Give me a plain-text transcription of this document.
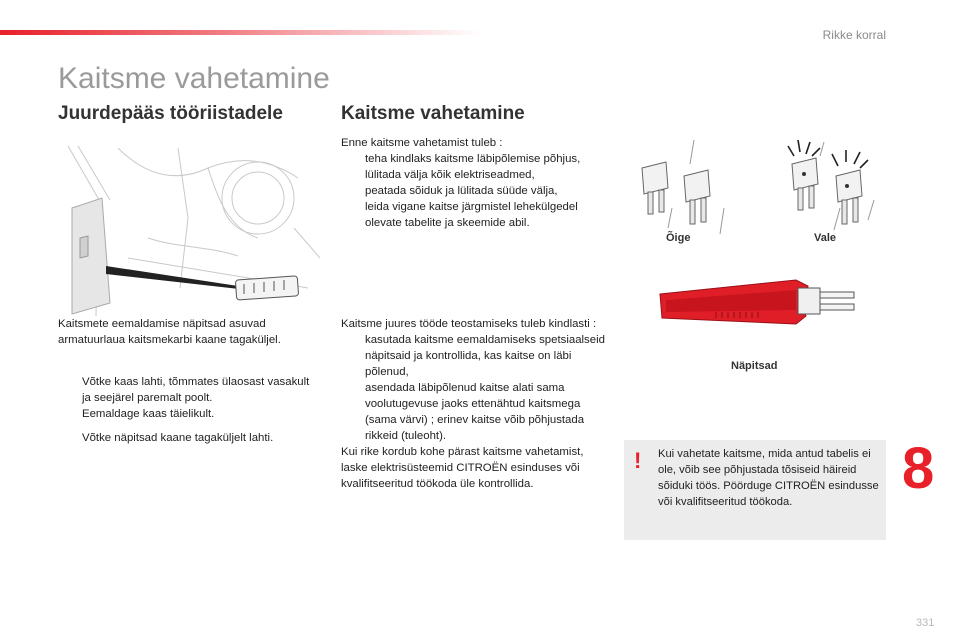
Rikke korral
Kaitsme vahetamine
Juurdepääs tööriistadele	Kaitsme vahetamine
Kaitsmete eemaldamise näpitsad asuvad armatuurlaua kaitsmekarbi kaane tagaküljel.

Võtke kaas lahti, tõmmates ülaosast vasakult ja seejärel paremalt poolt.

Eemaldage kaas täielikult.

Võtke näpitsad kaane tagaküljelt lahti.

Enne kaitsme vahetamist tuleb :

teha kindlaks kaitsme läbipõlemise põhjus,

lülitada välja kõik elektriseadmed,

peatada sõiduk ja lülitada süüde välja,

leida vigane kaitse järgmistel lehekülgedel olevate tabelite ja skeemide abil.

Kaitsme juures tööde teostamiseks tuleb kindlasti :

kasutada kaitsme eemaldamiseks spetsiaalseid näpitsaid ja kontrollida, kas kaitse on läbi põlenud,

asendada läbipõlenud kaitse alati sama voolutugevuse jaoks ettenähtud kaitsmega (sama värvi) ; erinev kaitse võib põhjustada rikkeid (tuleoht).

Kui rike kordub kohe pärast kaitsme vahetamist, laske elektrisüsteemid CITROËN esinduses või kvalifitseeritud töökoda üle kontrollida.

Õige	Vale
Näpitsad
! Kui vahetate kaitsme, mida antud tabelis ei ole, võib see põhjustada tõsiseid häireid sõiduki töös. Pöörduge CITROËN esindusse või kvalifitseeritud töökoda.
8
331
